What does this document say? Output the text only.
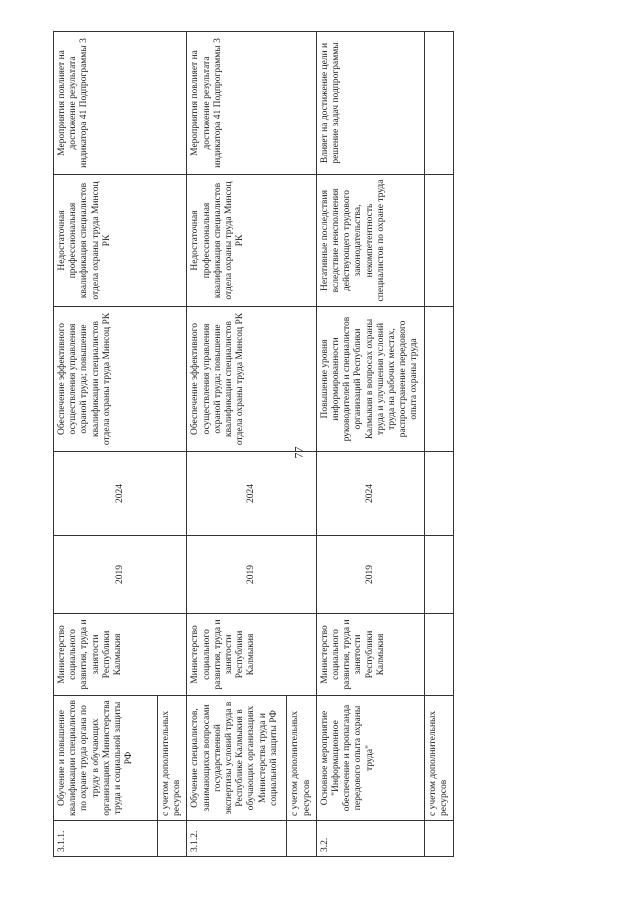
77
3.1.1.	Обучение и повышение квалификации специалистов по охране труда органа по труду в обучающих организациях Министерства труда и социальной защиты РФ	Министерство социального развития, труда и занятости Республики Калмыкия	2019	2024	Обеспечение эффективного осуществления управления охраной труда; повышение квалификации специалистов отдела охраны труда Минсоц РК	Недостаточная профессиональная квалификация специалистов отдела охраны труда Минсоц РК	Мероприятия повлияет на достижение результата индикатора 41 Подпрограммы 3
	с учетом дополнительных ресурсов						
3.1.2.	Обучение специалистов, занимающихся вопросами государственной экспертизы условий труда в Республике Калмыкия в обучающих организациях Министерства труда и социальной защиты РФ	Министерство социального развития, труда и занятости Республики Калмыкия	2019	2024	Обеспечение эффективного осуществления управления охраной труда; повышение квалификации специалистов отдела охраны труда Минсоц РК	Недостаточная профессиональная квалификация специалистов отдела охраны труда Минсоц РК	Мероприятия повлияет на достижение результата индикатора 41 Подпрограммы 3
	с учетом дополнительных ресурсов						
3.2.	Основное мероприятие "Информационное обеспечение и пропаганда передового опыта охраны труда"	Министерство социального развития, труда и занятости Республики Калмыкия	2019	2024	Повышение уровня информированности руководителей и специалистов организаций Республики Калмыкия в вопросах охраны труда и улучшения условий труда на рабочих местах, распространение передового опыта охраны труда	Негативные последствия вследствие неисполнения действующего трудового законодательства, некомпетентность специалистов по охране труда	Влияет на достижение цели и решение задач подпрограммы
	с учетом дополнительных ресурсов						
